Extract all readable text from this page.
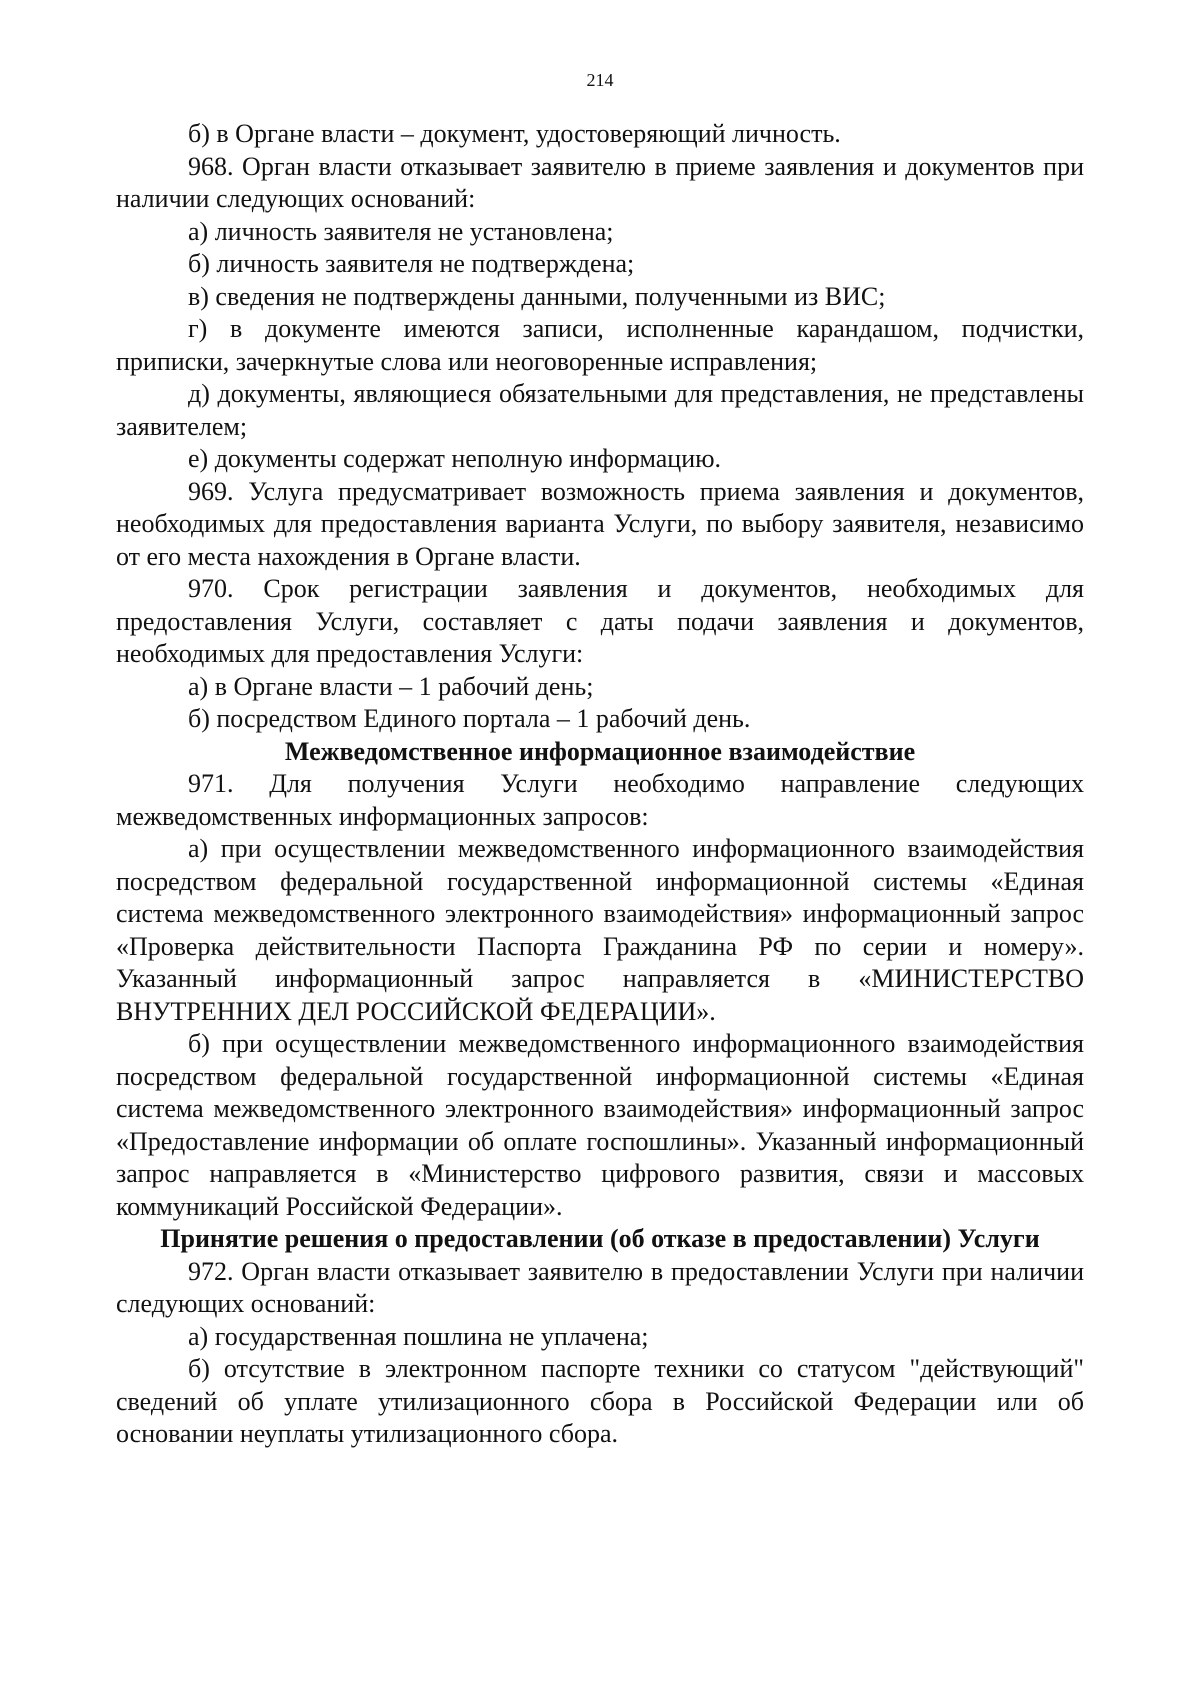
214

б) в Органе власти – документ, удостоверяющий личность.

968. Орган власти отказывает заявителю в приеме заявления и документов при наличии следующих оснований:

а) личность заявителя не установлена;

б) личность заявителя не подтверждена;

в) сведения не подтверждены данными, полученными из ВИС;

г) в документе имеются записи, исполненные карандашом, подчистки, приписки, зачеркнутые слова или неоговоренные исправления;

д) документы, являющиеся обязательными для представления, не представлены заявителем;

е) документы содержат неполную информацию.

969. Услуга предусматривает возможность приема заявления и документов, необходимых для предоставления варианта Услуги, по выбору заявителя, независимо от его места нахождения в Органе власти.

970. Срок регистрации заявления и документов, необходимых для предоставления Услуги, составляет с даты подачи заявления и документов, необходимых для предоставления Услуги:

а) в Органе власти – 1 рабочий день;

б) посредством Единого портала – 1 рабочий день.

Межведомственное информационное взаимодействие

971. Для получения Услуги необходимо направление следующих межведомственных информационных запросов:

а) при осуществлении межведомственного информационного взаимодействия посредством федеральной государственной информационной системы «Единая система межведомственного электронного взаимодействия» информационный запрос «Проверка действительности Паспорта Гражданина РФ по серии и номеру». Указанный информационный запрос направляется в «МИНИСТЕРСТВО ВНУТРЕННИХ ДЕЛ РОССИЙСКОЙ ФЕДЕРАЦИИ».

б) при осуществлении межведомственного информационного взаимодействия посредством федеральной государственной информационной системы «Единая система межведомственного электронного взаимодействия» информационный запрос «Предоставление информации об оплате госпошлины». Указанный информационный запрос направляется в «Министерство цифрового развития, связи и массовых коммуникаций Российской Федерации».

Принятие решения о предоставлении (об отказе в предоставлении) Услуги

972. Орган власти отказывает заявителю в предоставлении Услуги при наличии следующих оснований:

а) государственная пошлина не уплачена;

б) отсутствие в электронном паспорте техники со статусом "действующий" сведений об уплате утилизационного сбора в Российской Федерации или об основании неуплаты утилизационного сбора.
